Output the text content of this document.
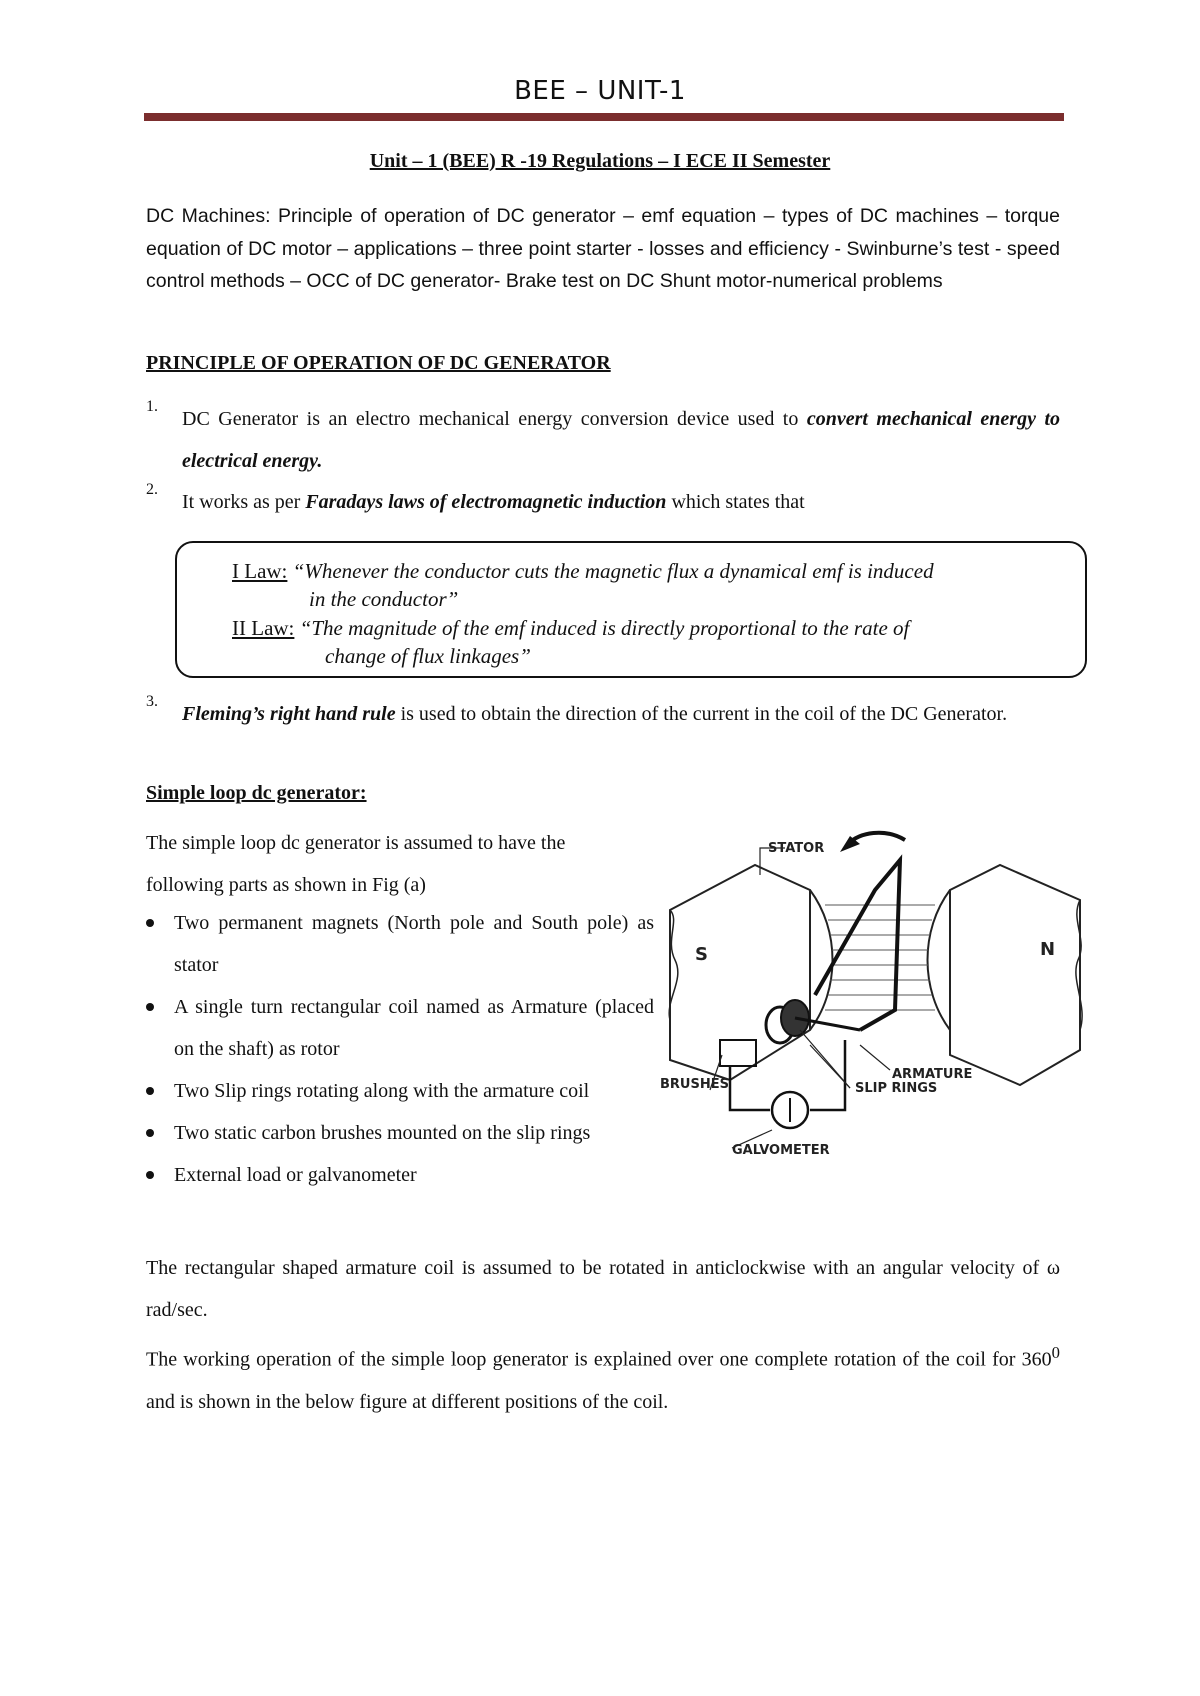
BEE – UNIT-1
Unit – 1 (BEE) R -19 Regulations – I ECE II Semester
DC Machines: Principle of operation of DC generator – emf equation – types of DC machines – torque equation of DC motor – applications – three point starter - losses and efficiency - Swinburne’s test - speed control methods – OCC of DC generator- Brake test on DC Shunt motor-numerical problems
PRINCIPLE OF OPERATION OF DC GENERATOR
1.
DC Generator is an electro mechanical energy conversion device used to convert mechanical energy to electrical energy.
2.
It works as per Faradays laws of electromagnetic induction which states that
I Law: “Whenever the conductor cuts the magnetic flux a dynamical emf is induced
in the conductor”
II Law: “The magnitude of the emf induced is directly proportional to the rate of
change of flux linkages”
3.
Fleming’s right hand rule is used to obtain the direction of the current in the coil of the DC Generator.
Simple loop dc generator:
The simple loop dc generator is assumed to have the following parts as shown in Fig (a)
Two permanent magnets (North pole and South pole) as stator
A single turn rectangular coil named as Armature (placed on the shaft) as rotor
Two Slip rings rotating along with the armature coil
Two static carbon brushes mounted on the slip rings
External load or galvanometer
The rectangular shaped armature coil is assumed to be rotated in anticlockwise with an angular velocity of ω rad/sec.
The working operation of the simple loop generator is explained over one complete rotation of the coil for $360^0$ and is shown in the below figure at different positions of the coil.
STATOR
S	N
ARMATURE
BRUSHES	SLIP RINGS
GALVOMETER
